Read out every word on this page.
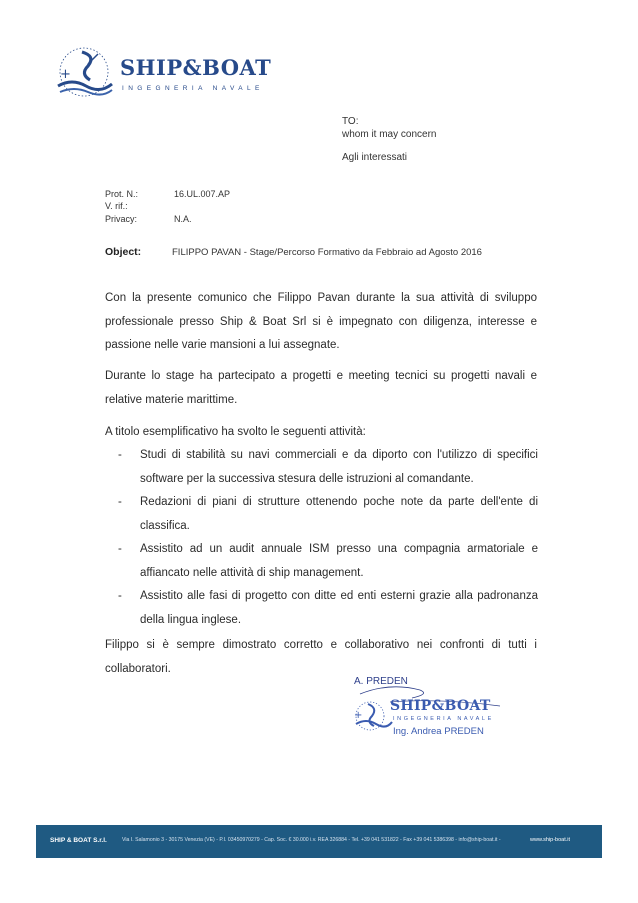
+ SHIP&BOAT
INGEGNERIA NAVALE
TO:
whom it may concern
Agli interessati
Prot. N.:	16.UL.007.AP
V. rif.:
Privacy:	N.A.
Object:	FILIPPO PAVAN - Stage/Percorso Formativo da Febbraio ad Agosto 2016
Con la presente comunico che Filippo Pavan durante la sua attività di sviluppo professionale presso Ship & Boat Srl si è impegnato con diligenza, interesse e passione nelle varie mansioni a lui assegnate.
Durante lo stage ha partecipato a progetti e meeting tecnici su progetti navali e relative materie marittime.
A titolo esemplificativo ha svolto le seguenti attività:
- Studi di stabilità su navi commerciali e da diporto con l'utilizzo di specifici software per la successiva stesura delle istruzioni al comandante.
- Redazioni di piani di strutture ottenendo poche note da parte dell'ente di classifica.
- Assistito ad un audit annuale ISM presso una compagnia armatoriale e affiancato nelle attività di ship management.
- Assistito alle fasi di progetto con ditte ed enti esterni grazie alla padronanza della lingua inglese.
Filippo si è sempre dimostrato corretto e collaborativo nei confronti di tutti i collaboratori.
+
A. PREDEN
SHIP&BOAT
INGEGNERIA NAVALE
Ing. Andrea PREDEN
SHIP & BOAT S.r.l.	Via I. Salamonio 3 - 30175 Venezia (VE) - P.I. 03450970279 - Cap. Soc. € 30.000 i.v. REA 326884 - Tel. +39 041 531822 - Fax +39 041 5386398 - info@ship-boat.it -	www.ship-boat.it
